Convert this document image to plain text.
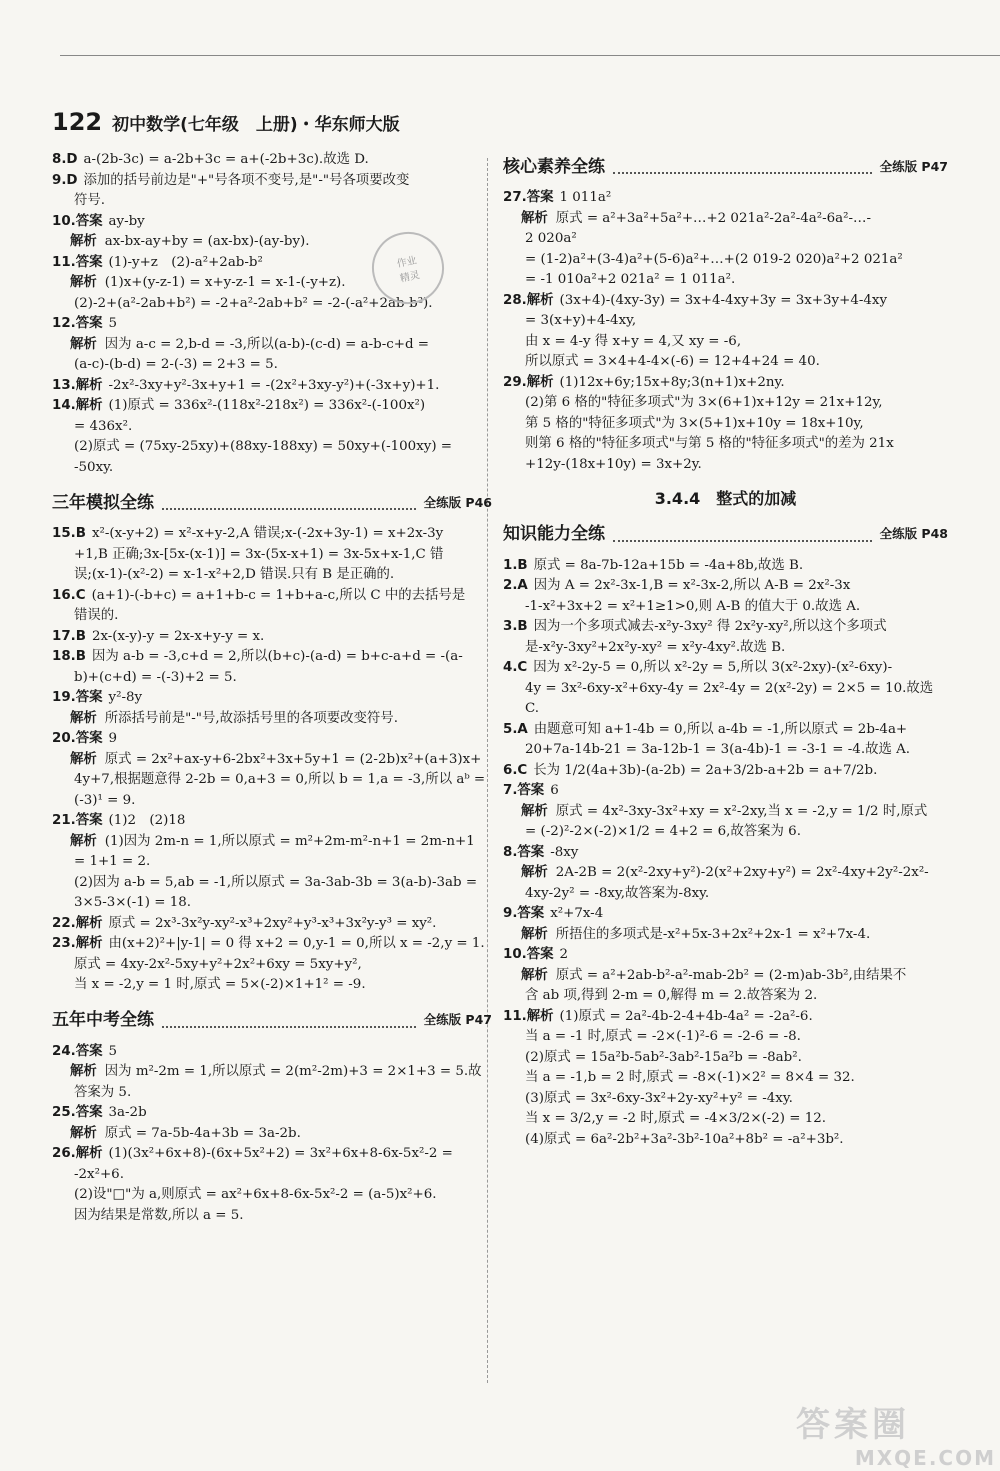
122 初中数学(七年级　上册)・华东师大版

8.D a-(2b-3c) = a-2b+3c = a+(-2b+3c).故选 D.

9.D 添加的括号前边是"+"号各项不变号,是"-"号各项要改变

符号.

10.答案 ay-by

解析 ax-bx-ay+by = (ax-bx)-(ay-by).

11.答案 (1)-y+z　(2)-a²+2ab-b²

解析 (1)x+(y-z-1) = x+y-z-1 = x-1-(-y+z).

(2)-2+(a²-2ab+b²) = -2+a²-2ab+b² = -2-(-a²+2ab-b²).

12.答案 5

解析 因为 a-c = 2,b-d = -3,所以(a-b)-(c-d) = a-b-c+d =

(a-c)-(b-d) = 2-(-3) = 2+3 = 5.

13.解析 -2x²-3xy+y²-3x+y+1 = -(2x²+3xy-y²)+(-3x+y)+1.

14.解析 (1)原式 = 336x²-(118x²-218x²) = 336x²-(-100x²)

= 436x².

(2)原式 = (75xy-25xy)+(88xy-188xy) = 50xy+(-100xy) =

-50xy.

三年模拟全练	全练版 P46

15.B x²-(x-y+2) = x²-x+y-2,A 错误;x-(-2x+3y-1) = x+2x-3y

+1,B 正确;3x-[5x-(x-1)] = 3x-(5x-x+1) = 3x-5x+x-1,C 错

误;(x-1)-(x²-2) = x-1-x²+2,D 错误.只有 B 是正确的.

16.C (a+1)-(-b+c) = a+1+b-c = 1+b+a-c,所以 C 中的去括号是

错误的.

17.B 2x-(x-y)-y = 2x-x+y-y = x.

18.B 因为 a-b = -3,c+d = 2,所以(b+c)-(a-d) = b+c-a+d = -(a-

b)+(c+d) = -(-3)+2 = 5.

19.答案 y²-8y

解析 所添括号前是"-"号,故添括号里的各项要改变符号.

20.答案 9

解析 原式 = 2x²+ax-y+6-2bx²+3x+5y+1 = (2-2b)x²+(a+3)x+

4y+7,根据题意得 2-2b = 0,a+3 = 0,所以 b = 1,a = -3,所以 aᵇ =

(-3)¹ = 9.

21.答案 (1)2　(2)18

解析 (1)因为 2m-n = 1,所以原式 = m²+2m-m²-n+1 = 2m-n+1

= 1+1 = 2.

(2)因为 a-b = 5,ab = -1,所以原式 = 3a-3ab-3b = 3(a-b)-3ab =

3×5-3×(-1) = 18.

22.解析 原式 = 2x³-3x²y-xy²-x³+2xy²+y³-x³+3x²y-y³ = xy².

23.解析 由(x+2)²+|y-1| = 0 得 x+2 = 0,y-1 = 0,所以 x = -2,y = 1.

原式 = 4xy-2x²-5xy+y²+2x²+6xy = 5xy+y²,

当 x = -2,y = 1 时,原式 = 5×(-2)×1+1² = -9.

五年中考全练	全练版 P47

24.答案 5

解析 因为 m²-2m = 1,所以原式 = 2(m²-2m)+3 = 2×1+3 = 5.故

答案为 5.

25.答案 3a-2b

解析 原式 = 7a-5b-4a+3b = 3a-2b.

26.解析 (1)(3x²+6x+8)-(6x+5x²+2) = 3x²+6x+8-6x-5x²-2 =

-2x²+6.

(2)设"□"为 a,则原式 = ax²+6x+8-6x-5x²-2 = (a-5)x²+6.

因为结果是常数,所以 a = 5.

核心素养全练	全练版 P47

27.答案 1 011a²

解析 原式 = a²+3a²+5a²+…+2 021a²-2a²-4a²-6a²-…-

2 020a²

= (1-2)a²+(3-4)a²+(5-6)a²+…+(2 019-2 020)a²+2 021a²

= -1 010a²+2 021a² = 1 011a².

28.解析 (3x+4)-(4xy-3y) = 3x+4-4xy+3y = 3x+3y+4-4xy

= 3(x+y)+4-4xy,

由 x = 4-y 得 x+y = 4,又 xy = -6,

所以原式 = 3×4+4-4×(-6) = 12+4+24 = 40.

29.解析 (1)12x+6y;15x+8y;3(n+1)x+2ny.

(2)第 6 格的"特征多项式"为 3×(6+1)x+12y = 21x+12y,

第 5 格的"特征多项式"为 3×(5+1)x+10y = 18x+10y,

则第 6 格的"特征多项式"与第 5 格的"特征多项式"的差为 21x

+12y-(18x+10y) = 3x+2y.

3.4.4　整式的加减
知识能力全练	全练版 P48

1.B 原式 = 8a-7b-12a+15b = -4a+8b,故选 B.

2.A 因为 A = 2x²-3x-1,B = x²-3x-2,所以 A-B = 2x²-3x

-1-x²+3x+2 = x²+1≥1>0,则 A-B 的值大于 0.故选 A.

3.B 因为一个多项式减去-x²y-3xy² 得 2x²y-xy²,所以这个多项式

是-x²y-3xy²+2x²y-xy² = x²y-4xy².故选 B.

4.C 因为 x²-2y-5 = 0,所以 x²-2y = 5,所以 3(x²-2xy)-(x²-6xy)-

4y = 3x²-6xy-x²+6xy-4y = 2x²-4y = 2(x²-2y) = 2×5 = 10.故选 C.

5.A 由题意可知 a+1-4b = 0,所以 a-4b = -1,所以原式 = 2b-4a+

20+7a-14b-21 = 3a-12b-1 = 3(a-4b)-1 = -3-1 = -4.故选 A.

6.C 长为 1/2(4a+3b)-(a-2b) = 2a+3/2b-a+2b = a+7/2b.

7.答案 6

解析 原式 = 4x²-3xy-3x²+xy = x²-2xy,当 x = -2,y = 1/2 时,原式

= (-2)²-2×(-2)×1/2 = 4+2 = 6,故答案为 6.

8.答案 -8xy

解析 2A-2B = 2(x²-2xy+y²)-2(x²+2xy+y²) = 2x²-4xy+2y²-2x²-

4xy-2y² = -8xy,故答案为-8xy.

9.答案 x²+7x-4

解析 所捂住的多项式是-x²+5x-3+2x²+2x-1 = x²+7x-4.

10.答案 2

解析 原式 = a²+2ab-b²-a²-mab-2b² = (2-m)ab-3b²,由结果不

含 ab 项,得到 2-m = 0,解得 m = 2.故答案为 2.

11.解析 (1)原式 = 2a²-4b-2-4+4b-4a² = -2a²-6.

当 a = -1 时,原式 = -2×(-1)²-6 = -2-6 = -8.

(2)原式 = 15a²b-5ab²-3ab²-15a²b = -8ab².

当 a = -1,b = 2 时,原式 = -8×(-1)×2² = 8×4 = 32.

(3)原式 = 3x²-6xy-3x²+2y-xy²+y² = -4xy.

当 x = 3/2,y = -2 时,原式 = -4×3/2×(-2) = 12.

(4)原式 = 6a²-2b²+3a²-3b²-10a²+8b² = -a²+3b².

作业
精灵
答案圈
MXQE.COM
